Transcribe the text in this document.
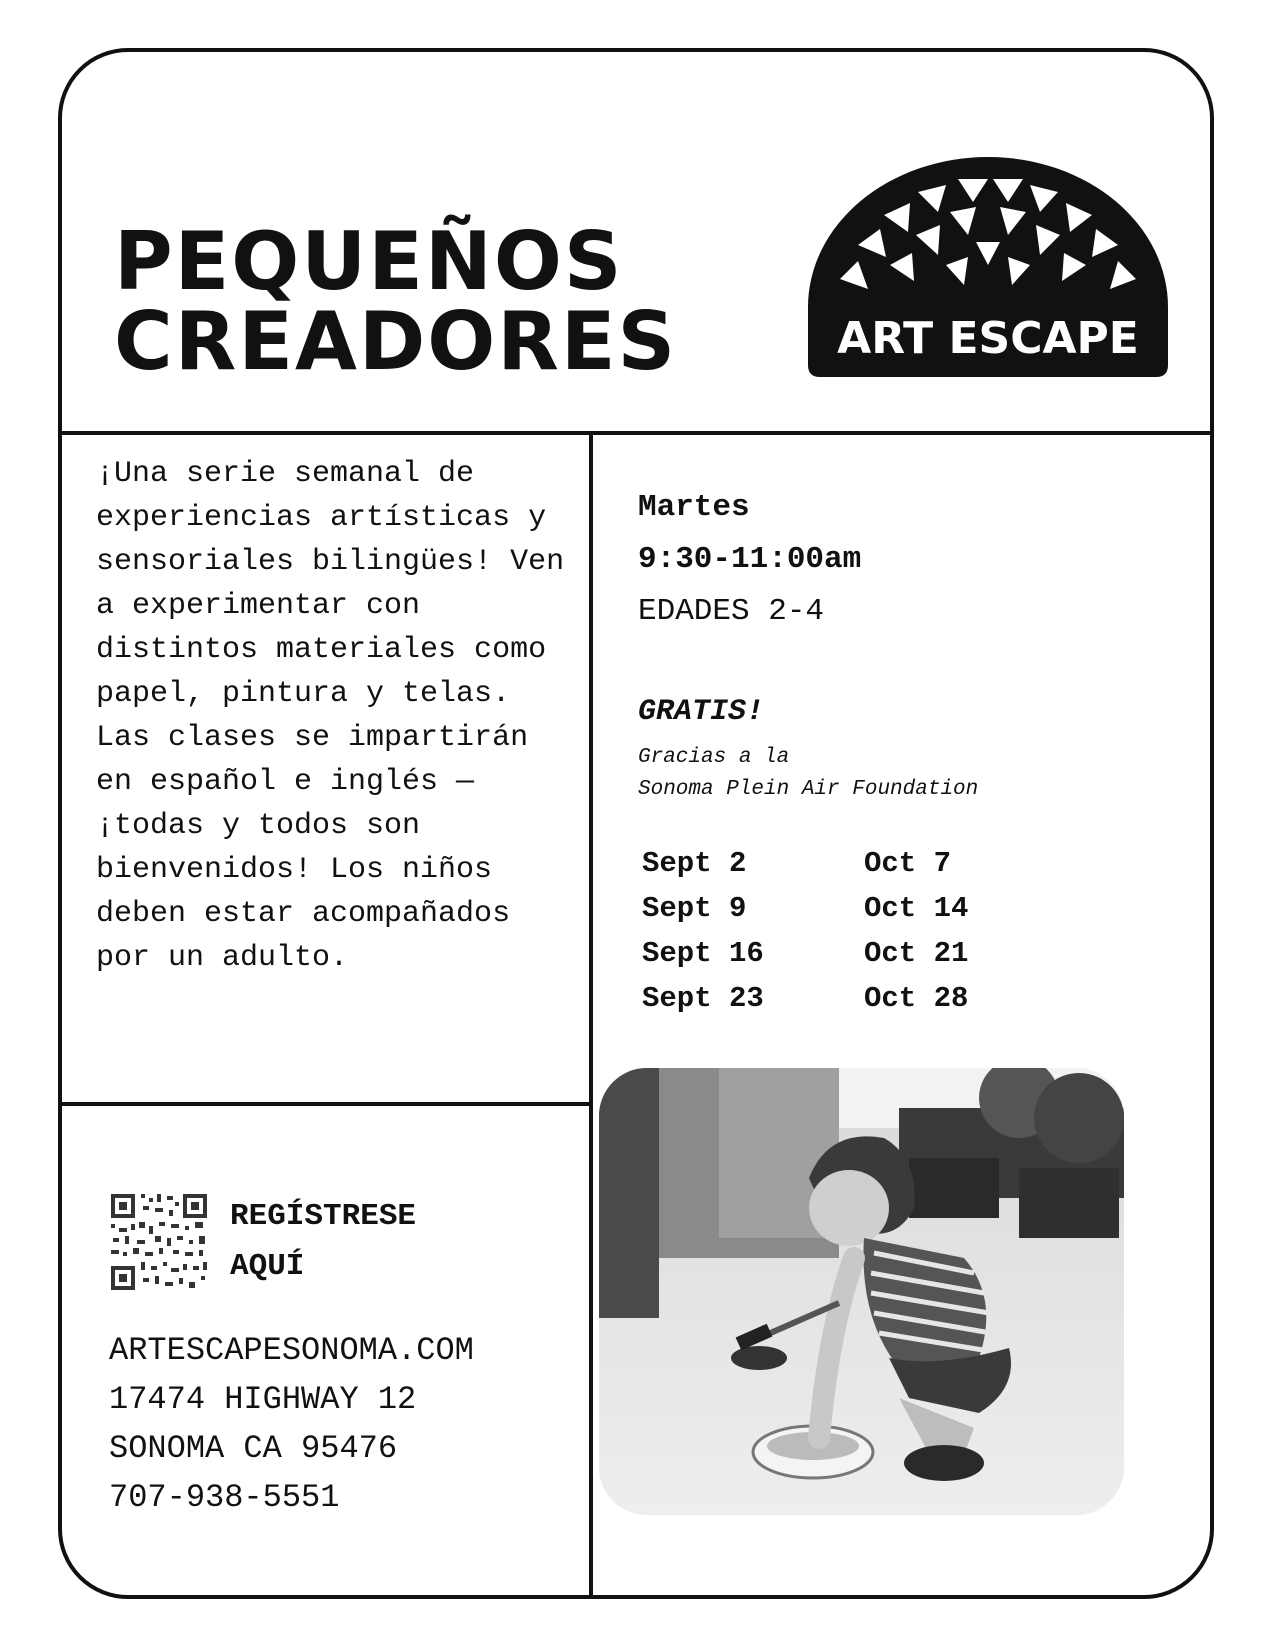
PEQUEÑOS
CREADORES	ART ESCAPE

¡Una serie semanal de experiencias artísticas y sensoriales bilingües! Ven a experimentar con distintos materiales como papel, pintura y telas. Las clases se impartirán en español e inglés — ¡todas y todos son bienvenidos! Los niños deben estar acompañados por un adulto.

Martes
9:30-11:00am
EDADES 2-4
GRATIS!
Gracias a la
Sonoma Plein Air Foundation
Sept 2	Oct 7
Sept 9	Oct 14
Sept 16	Oct 21
Sept 23	Oct 28
REGÍSTRESE
AQUÍ
ARTESCAPESONOMA.COM
17474 HIGHWAY 12
SONOMA CA 95476
707-938-5551
